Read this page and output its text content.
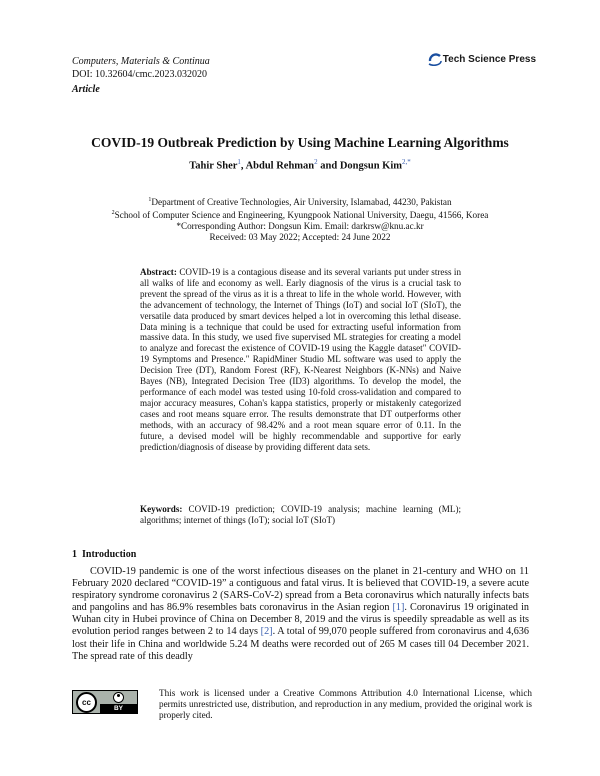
Computers, Materials & Continua
DOI: 10.32604/cmc.2023.032020
Article
Tech Science Press
COVID-19 Outbreak Prediction by Using Machine Learning Algorithms
Tahir Sher$^1$, Abdul Rehman$^2$ and Dongsun Kim$^{2,*}$
$^1$Department of Creative Technologies, Air University, Islamabad, 44230, Pakistan
$^2$School of Computer Science and Engineering, Kyungpook National University, Daegu, 41566, Korea
*Corresponding Author: Dongsun Kim. Email: darkrsw@knu.ac.kr
Received: 03 May 2022; Accepted: 24 June 2022

Abstract: COVID-19 is a contagious disease and its several variants put under stress in all walks of life and economy as well. Early diagnosis of the virus is a crucial task to prevent the spread of the virus as it is a threat to life in the whole world. However, with the advancement of technology, the Internet of Things (IoT) and social IoT (SIoT), the versatile data produced by smart devices helped a lot in overcoming this lethal disease. Data mining is a technique that could be used for extracting useful information from massive data. In this study, we used five supervised ML strategies for creating a model to analyze and forecast the existence of COVID-19 using the Kaggle dataset" COVID-19 Symptoms and Presence." RapidMiner Studio ML software was used to apply the Decision Tree (DT), Random Forest (RF), K-Nearest Neighbors (K-NNs) and Naive Bayes (NB), Integrated Decision Tree (ID3) algorithms. To develop the model, the performance of each model was tested using 10-fold cross-validation and compared to major accuracy measures, Cohan's kappa statistics, properly or mistakenly categorized cases and root means square error. The results demonstrate that DT outperforms other methods, with an accuracy of 98.42% and a root mean square error of 0.11. In the future, a devised model will be highly recommendable and supportive for early prediction/diagnosis of disease by providing different data sets.

Keywords: COVID-19 prediction; COVID-19 analysis; machine learning (ML); algorithms; internet of things (IoT); social IoT (SIoT)

1 Introduction

COVID-19 pandemic is one of the worst infectious diseases on the planet in 21-century and WHO on 11 February 2020 declared “COVID-19” a contiguous and fatal virus. It is believed that COVID-19, a severe acute respiratory syndrome coronavirus 2 (SARS-CoV-2) spread from a Beta coronavirus which naturally infects bats and pangolins and has 86.9% resembles bats coronavirus in the Asian region [1]. Coronavirus 19 originated in Wuhan city in Hubei province of China on December 8, 2019 and the virus is speedily spreadable as well as its evolution period ranges between 2 to 14 days [2]. A total of 99,070 people suffered from coronavirus and 4,636 lost their life in China and worldwide 5.24 M deaths were recorded out of 265 M cases till 04 December 2021. The spread rate of this deadly

cc
BY

This work is licensed under a Creative Commons Attribution 4.0 International License, which permits unrestricted use, distribution, and reproduction in any medium, provided the original work is properly cited.
